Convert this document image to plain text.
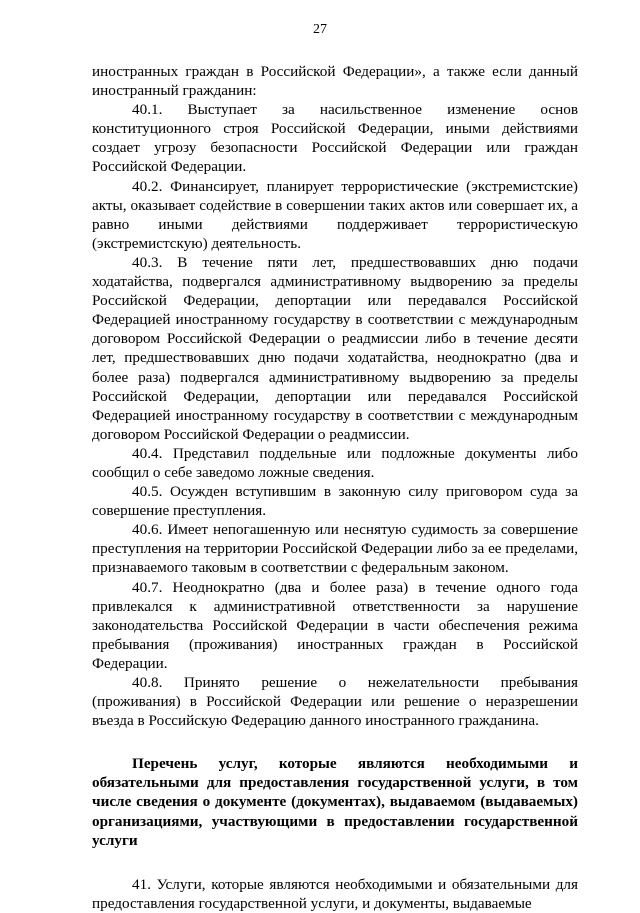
27

иностранных граждан в Российской Федерации», а также если данный иностранный гражданин:

40.1. Выступает за насильственное изменение основ конституционного строя Российской Федерации, иными действиями создает угрозу безопасности Российской Федерации или граждан Российской Федерации.

40.2. Финансирует, планирует террористические (экстремистские) акты, оказывает содействие в совершении таких актов или совершает их, а равно иными действиями поддерживает террористическую (экстремистскую) деятельность.

40.3. В течение пяти лет, предшествовавших дню подачи ходатайства, подвергался административному выдворению за пределы Российской Федерации, депортации или передавался Российской Федерацией иностранному государству в соответствии с международным договором Российской Федерации о реадмиссии либо в течение десяти лет, предшествовавших дню подачи ходатайства, неоднократно (два и более раза) подвергался административному выдворению за пределы Российской Федерации, депортации или передавался Российской Федерацией иностранному государству в соответствии с международным договором Российской Федерации о реадмиссии.

40.4. Представил поддельные или подложные документы либо сообщил о себе заведомо ложные сведения.

40.5. Осужден вступившим в законную силу приговором суда за совершение преступления.

40.6. Имеет непогашенную или неснятую судимость за совершение преступления на территории Российской Федерации либо за ее пределами, признаваемого таковым в соответствии с федеральным законом.

40.7. Неоднократно (два и более раза) в течение одного года привлекался к административной ответственности за нарушение законодательства Российской Федерации в части обеспечения режима пребывания (проживания) иностранных граждан в Российской Федерации.

40.8. Принято решение о нежелательности пребывания (проживания) в Российской Федерации или решение о неразрешении въезда в Российскую Федерацию данного иностранного гражданина.

Перечень услуг, которые являются необходимыми и обязательными для предоставления государственной услуги, в том числе сведения о документе (документах), выдаваемом (выдаваемых) организациями, участвующими в предоставлении государственной услуги

41. Услуги, которые являются необходимыми и обязательными для предоставления государственной услуги, и документы, выдаваемые
